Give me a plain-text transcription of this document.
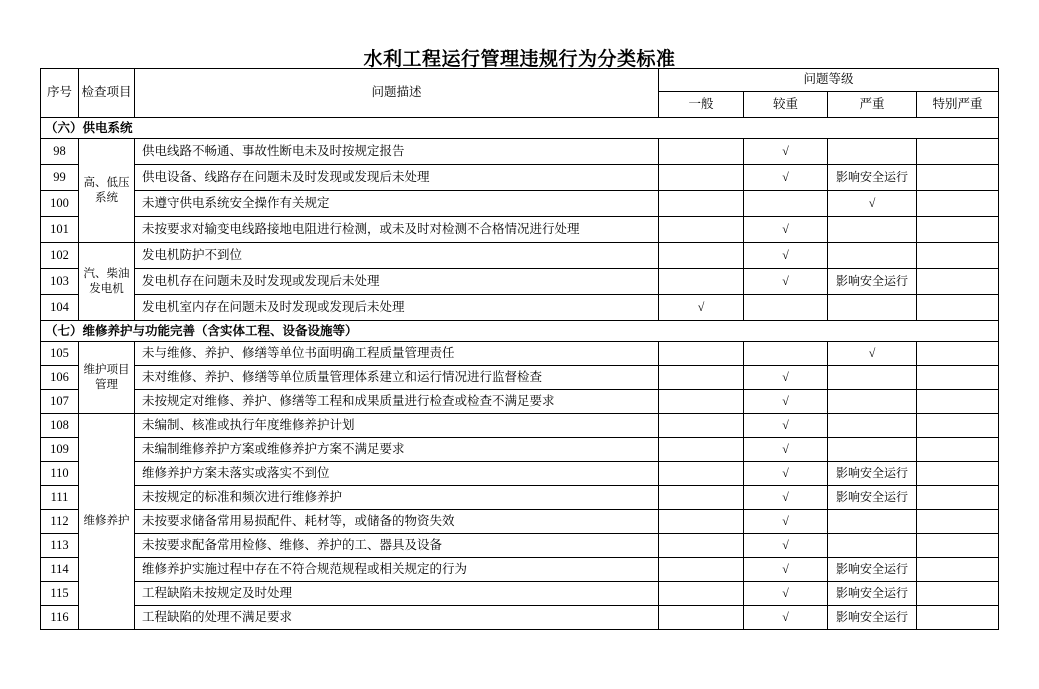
水利工程运行管理违规行为分类标准
序号	检查项目	问题描述	问题等级			
			一般	较重	严重	特别严重
（六）供电系统						
98	高、低压系统	供电线路不畅通、事故性断电未及时按规定报告		√		
99		供电设备、线路存在问题未及时发现或发现后未处理		√	影响安全运行	
100		未遵守供电系统安全操作有关规定			√	
101		未按要求对输变电线路接地电阻进行检测，或未及时对检测不合格情况进行处理		√		
102	汽、柴油发电机	发电机防护不到位		√		
103		发电机存在问题未及时发现或发现后未处理		√	影响安全运行	
104		发电机室内存在问题未及时发现或发现后未处理	√			
（七）维修养护与功能完善（含实体工程、设备设施等）						
105	维护项目管理	未与维修、养护、修缮等单位书面明确工程质量管理责任			√	
106		未对维修、养护、修缮等单位质量管理体系建立和运行情况进行监督检查		√		
107		未按规定对维修、养护、修缮等工程和成果质量进行检查或检查不满足要求		√		
108	维修养护	未编制、核准或执行年度维修养护计划		√		
109		未编制维修养护方案或维修养护方案不满足要求		√		
110		维修养护方案未落实或落实不到位		√	影响安全运行	
111		未按规定的标准和频次进行维修养护		√	影响安全运行	
112		未按要求储备常用易损配件、耗材等，或储备的物资失效		√		
113		未按要求配备常用检修、维修、养护的工、器具及设备		√		
114		维修养护实施过程中存在不符合规范规程或相关规定的行为		√	影响安全运行	
115		工程缺陷未按规定及时处理		√	影响安全运行	
116		工程缺陷的处理不满足要求		√	影响安全运行	
